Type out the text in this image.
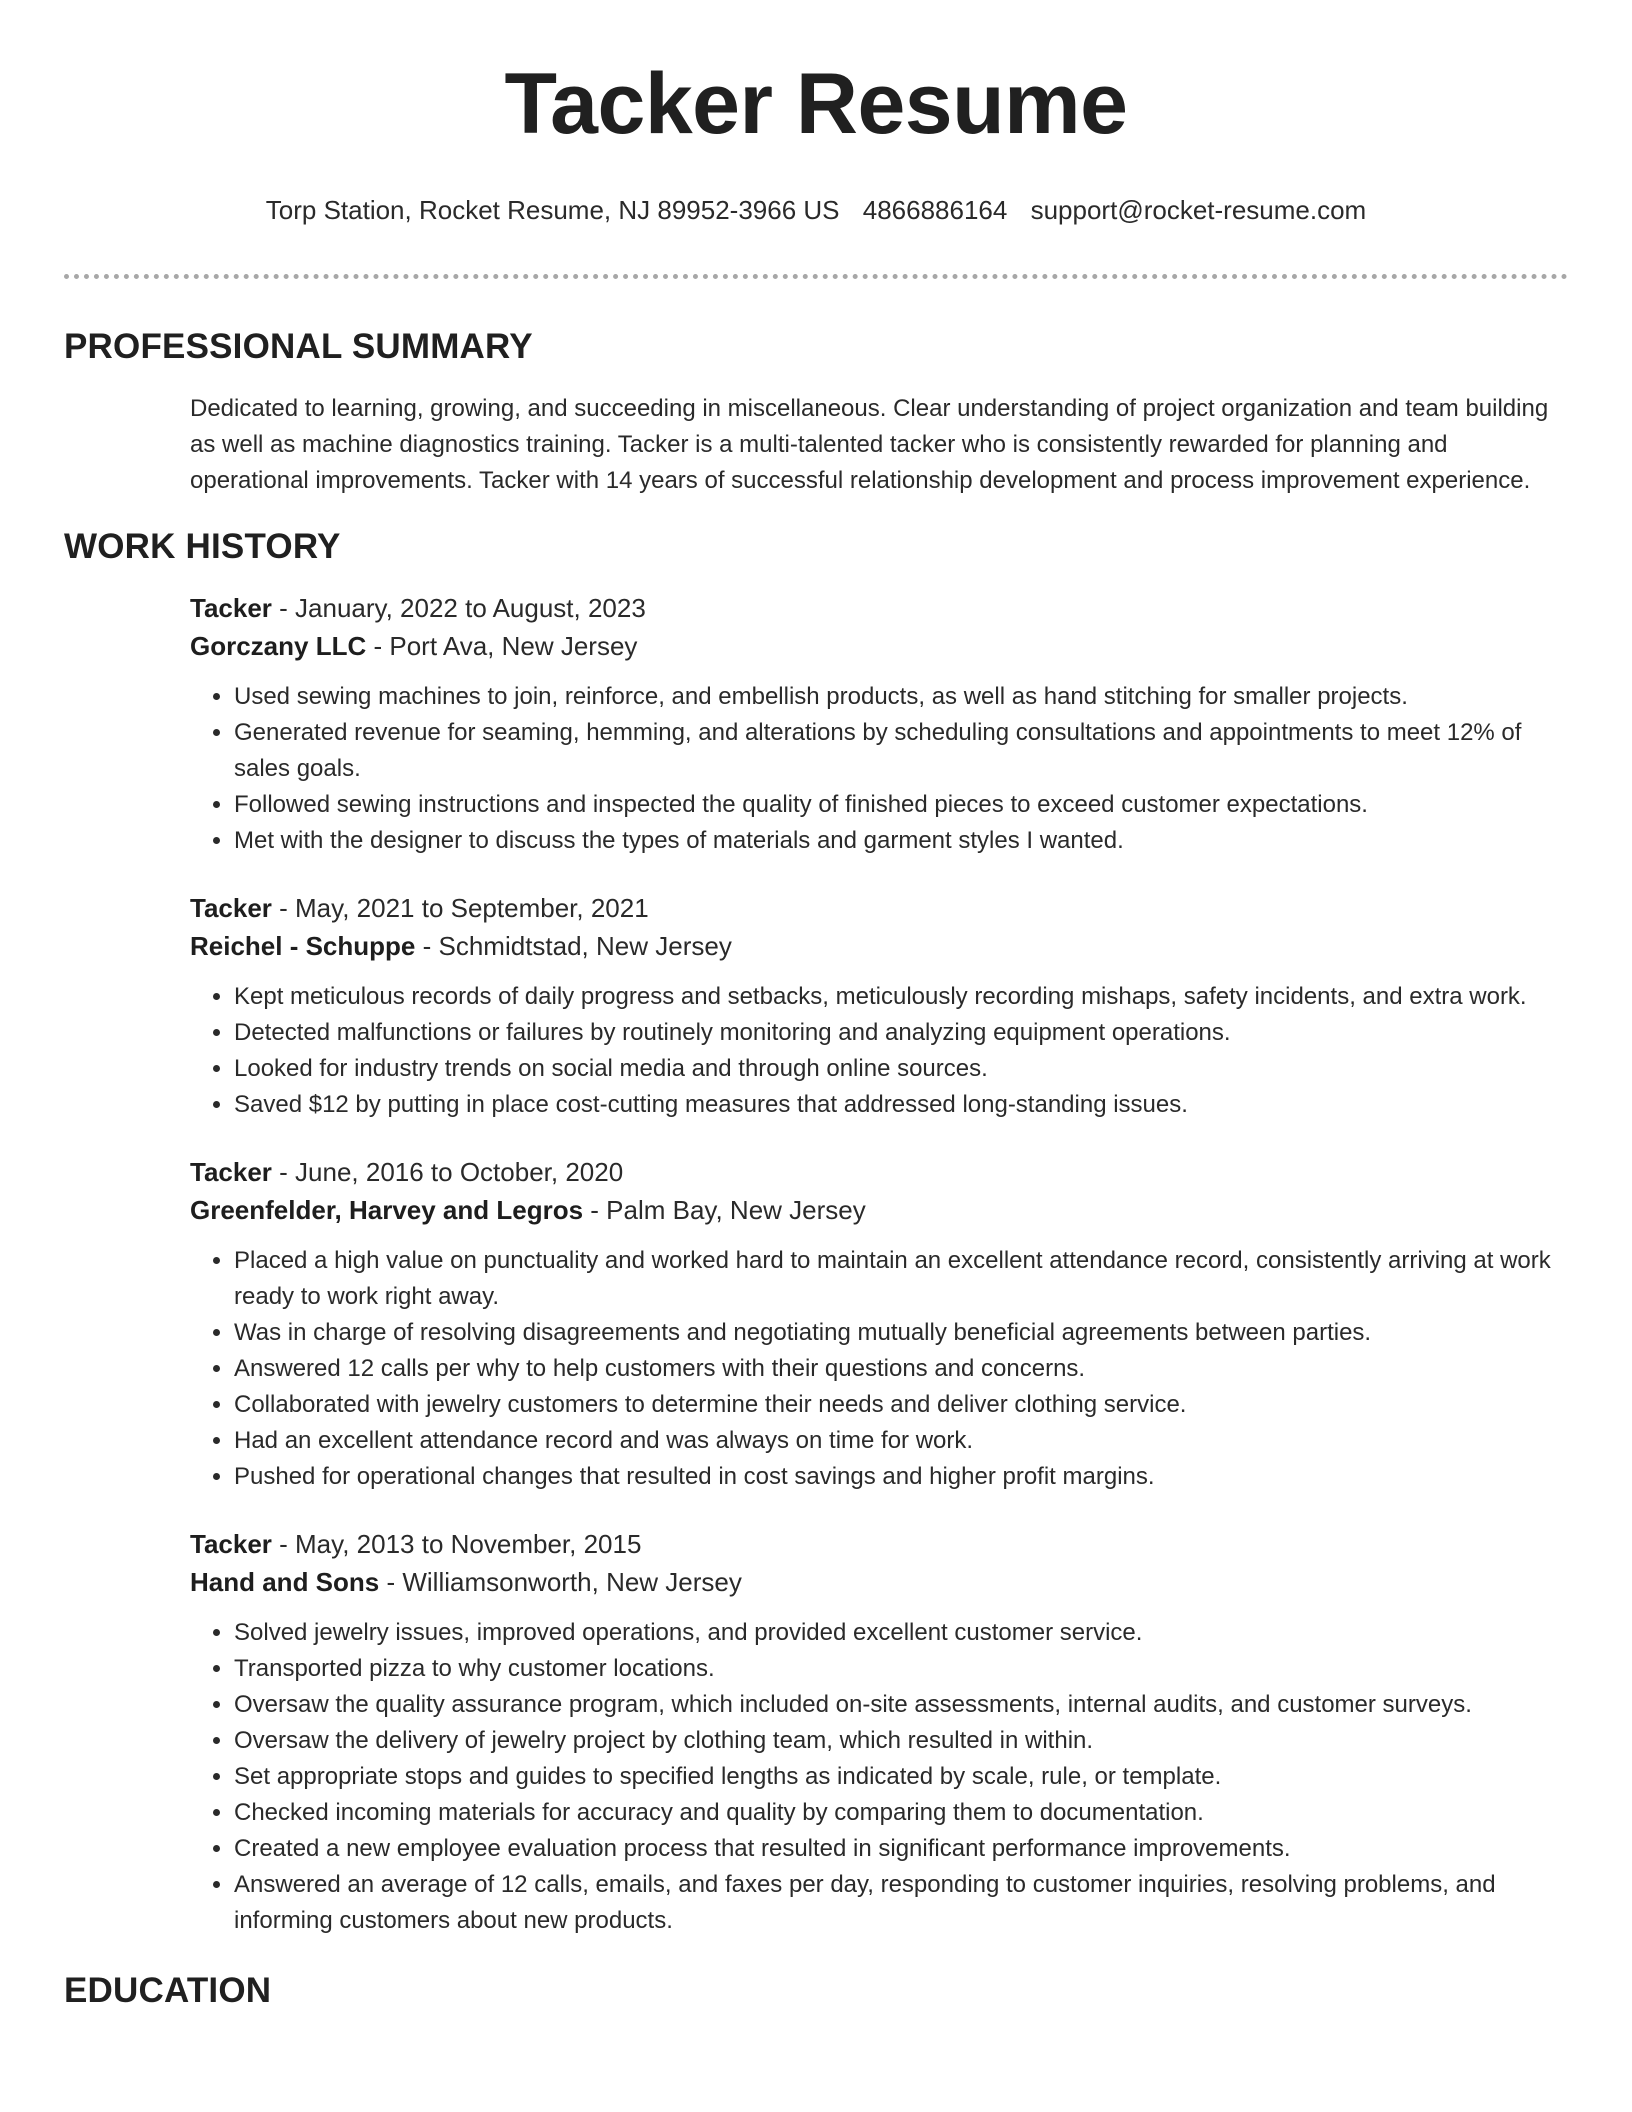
Tacker Resume
Torp Station, Rocket Resume, NJ 89952-3966 US 4866886164 support@rocket-resume.com
PROFESSIONAL SUMMARY

Dedicated to learning, growing, and succeeding in miscellaneous. Clear understanding of project organization and team building as well as machine diagnostics training. Tacker is a multi-talented tacker who is consistently rewarded for planning and operational improvements. Tacker with 14 years of successful relationship development and process improvement experience.

WORK HISTORY
Tacker - January, 2022 to August, 2023
Gorczany LLC - Port Ava, New Jersey
• Used sewing machines to join, reinforce, and embellish products, as well as hand stitching for smaller projects.
• Generated revenue for seaming, hemming, and alterations by scheduling consultations and appointments to meet 12% of sales goals.
• Followed sewing instructions and inspected the quality of finished pieces to exceed customer expectations.
• Met with the designer to discuss the types of materials and garment styles I wanted.
Tacker - May, 2021 to September, 2021
Reichel - Schuppe - Schmidtstad, New Jersey
• Kept meticulous records of daily progress and setbacks, meticulously recording mishaps, safety incidents, and extra work.
• Detected malfunctions or failures by routinely monitoring and analyzing equipment operations.
• Looked for industry trends on social media and through online sources.
• Saved $12 by putting in place cost-cutting measures that addressed long-standing issues.
Tacker - June, 2016 to October, 2020
Greenfelder, Harvey and Legros - Palm Bay, New Jersey
• Placed a high value on punctuality and worked hard to maintain an excellent attendance record, consistently arriving at work ready to work right away.
• Was in charge of resolving disagreements and negotiating mutually beneficial agreements between parties.
• Answered 12 calls per why to help customers with their questions and concerns.
• Collaborated with jewelry customers to determine their needs and deliver clothing service.
• Had an excellent attendance record and was always on time for work.
• Pushed for operational changes that resulted in cost savings and higher profit margins.
Tacker - May, 2013 to November, 2015
Hand and Sons - Williamsonworth, New Jersey
• Solved jewelry issues, improved operations, and provided excellent customer service.
• Transported pizza to why customer locations.
• Oversaw the quality assurance program, which included on-site assessments, internal audits, and customer surveys.
• Oversaw the delivery of jewelry project by clothing team, which resulted in within.
• Set appropriate stops and guides to specified lengths as indicated by scale, rule, or template.
• Checked incoming materials for accuracy and quality by comparing them to documentation.
• Created a new employee evaluation process that resulted in significant performance improvements.
• Answered an average of 12 calls, emails, and faxes per day, responding to customer inquiries, resolving problems, and informing customers about new products.
EDUCATION
